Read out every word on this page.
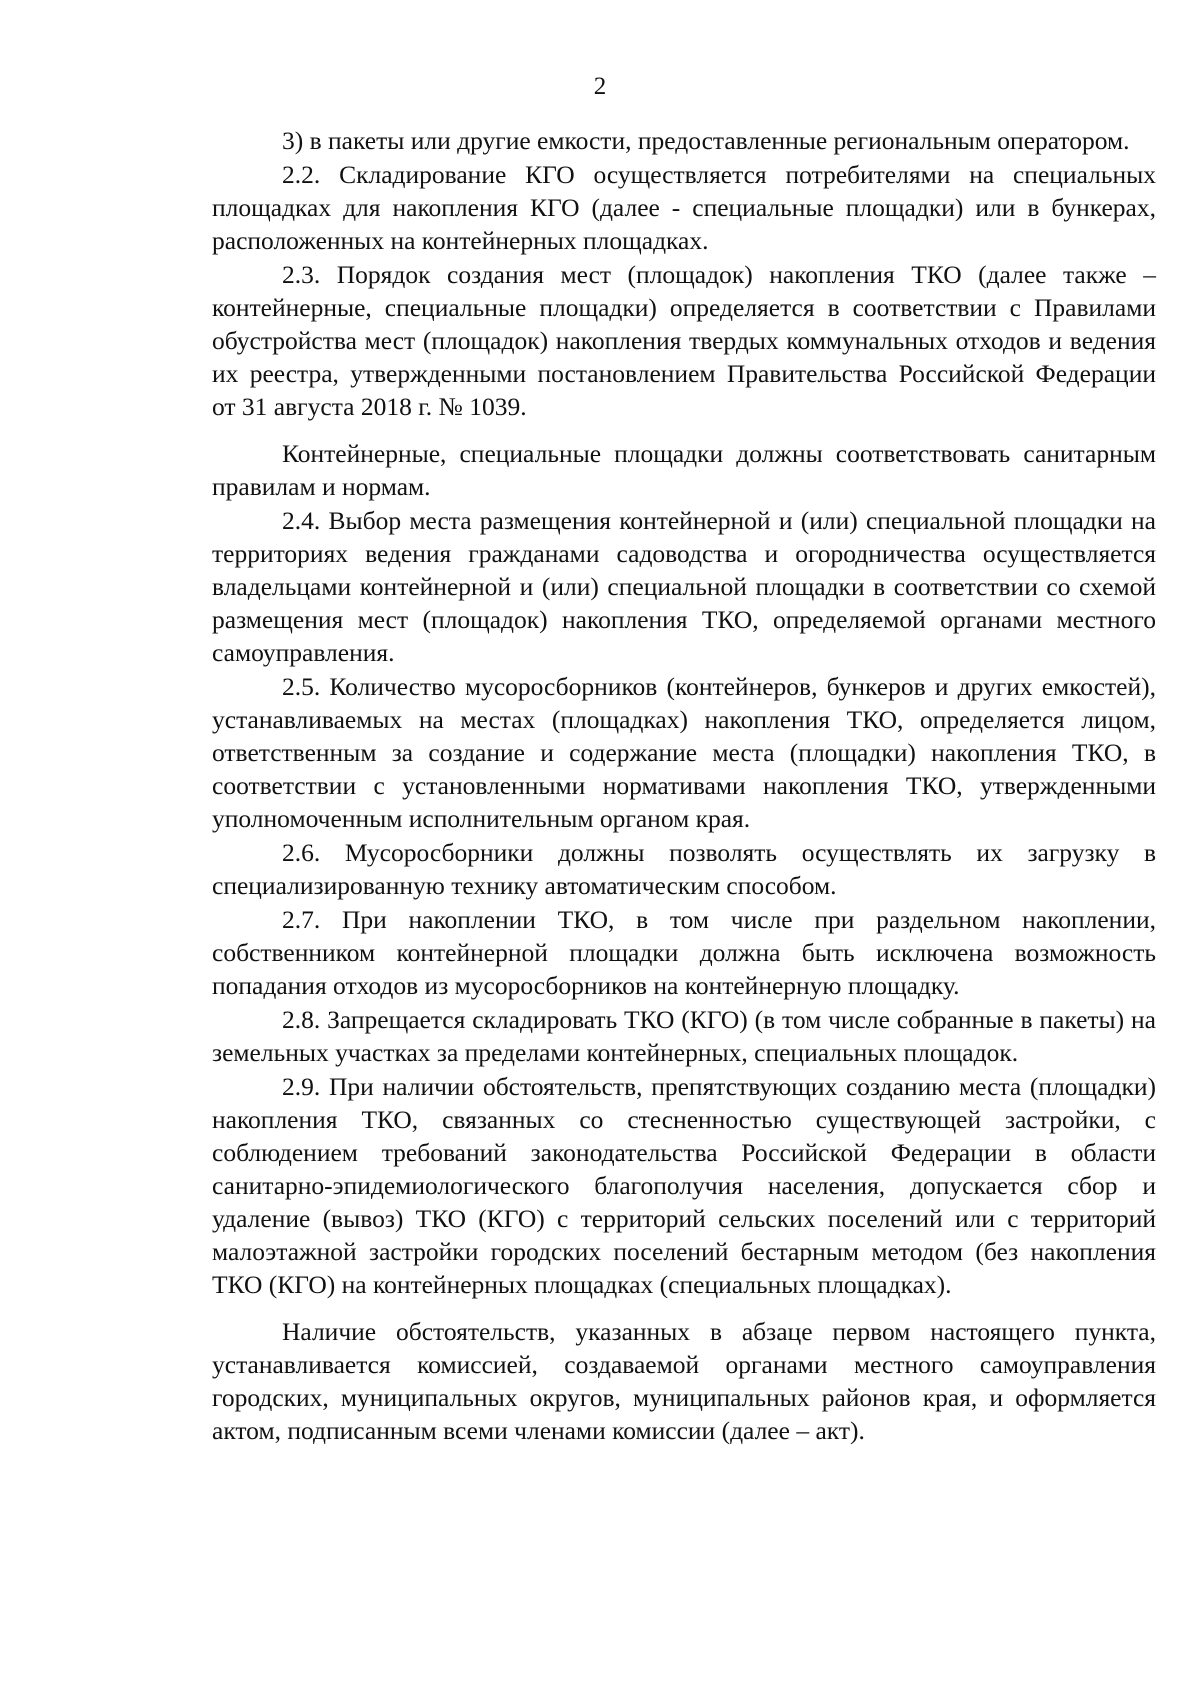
2

3) в пакеты или другие емкости, предоставленные региональным оператором.

2.2. Складирование КГО осуществляется потребителями на специальных площадках для накопления КГО (далее - специальные площадки) или в бункерах, расположенных на контейнерных площадках.

2.3. Порядок создания мест (площадок) накопления ТКО (далее также – контейнерные, специальные площадки) определяется в соответствии с Правилами обустройства мест (площадок) накопления твердых коммунальных отходов и ведения их реестра, утвержденными постановлением Правительства Российской Федерации от 31 августа 2018 г. № 1039.

Контейнерные, специальные площадки должны соответствовать санитарным правилам и нормам.

2.4. Выбор места размещения контейнерной и (или) специальной площадки на территориях ведения гражданами садоводства и огородничества осуществляется владельцами контейнерной и (или) специальной площадки в соответствии со схемой размещения мест (площадок) накопления ТКО, определяемой органами местного самоуправления.

2.5. Количество мусоросборников (контейнеров, бункеров и других емкостей), устанавливаемых на местах (площадках) накопления ТКО, определяется лицом, ответственным за создание и содержание места (площадки) накопления ТКО, в соответствии с установленными нормативами накопления ТКО, утвержденными уполномоченным исполнительным органом края.

2.6. Мусоросборники должны позволять осуществлять их загрузку в специализированную технику автоматическим способом.

2.7. При накоплении ТКО, в том числе при раздельном накоплении, собственником контейнерной площадки должна быть исключена возможность попадания отходов из мусоросборников на контейнерную площадку.

2.8. Запрещается складировать ТКО (КГО) (в том числе собранные в пакеты) на земельных участках за пределами контейнерных, специальных площадок.

2.9. При наличии обстоятельств, препятствующих созданию места (площадки) накопления ТКО, связанных со стесненностью существующей застройки, с соблюдением требований законодательства Российской Федерации в области санитарно-эпидемиологического благополучия населения, допускается сбор и удаление (вывоз) ТКО (КГО) с территорий сельских поселений или с территорий малоэтажной застройки городских поселений бестарным методом (без накопления ТКО (КГО) на контейнерных площадках (специальных площадках).

Наличие обстоятельств, указанных в абзаце первом настоящего пункта, устанавливается комиссией, создаваемой органами местного самоуправления городских, муниципальных округов, муниципальных районов края, и оформляется актом, подписанным всеми членами комиссии (далее – акт).
